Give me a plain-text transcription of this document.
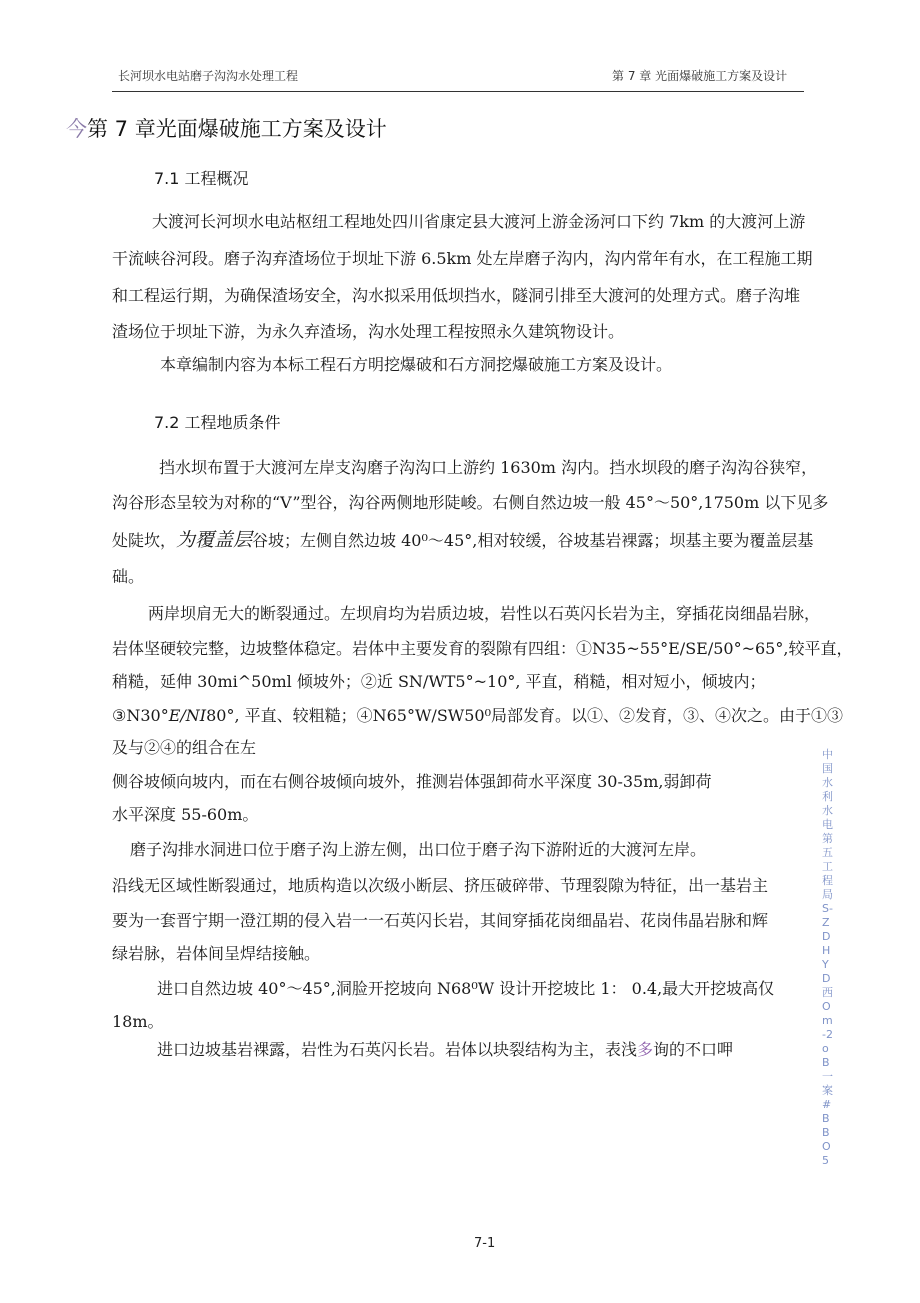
长河坝水电站磨子沟沟水处理工程	第 7 章 光面爆破施工方案及设计
今第 7 章光面爆破施工方案及设计
7.1 工程概况
大渡河长河坝水电站枢纽工程地处四川省康定县大渡河上游金汤河口下约 7km 的大渡河上游
干流峡谷河段。磨子沟弃渣场位于坝址下游 6.5km 处左岸磨子沟内，沟内常年有水，在工程施工期
和工程运行期，为确保渣场安全，沟水拟采用低坝挡水，隧洞引排至大渡河的处理方式。磨子沟堆
渣场位于坝址下游，为永久弃渣场，沟水处理工程按照永久建筑物设计。
本章编制内容为本标工程石方明挖爆破和石方洞挖爆破施工方案及设计。
7.2 工程地质条件
挡水坝布置于大渡河左岸支沟磨子沟沟口上游约 1630m 沟内。挡水坝段的磨子沟沟谷狭窄，
沟谷形态呈较为对称的“V”型谷，沟谷两侧地形陡峻。右侧自然边坡一般 45°～50°,1750m 以下见多
处陡坎，为覆盖层谷坡；左侧自然边坡 40⁰～45°,相对较缓，谷坡基岩裸露；坝基主要为覆盖层基
础。
两岸坝肩无大的断裂通过。左坝肩均为岩质边坡，岩性以石英闪长岩为主，穿插花岗细晶岩脉，
岩体坚硬较完整，边坡整体稳定。岩体中主要发育的裂隙有四组：①N35~55°E/SE/50°~65°,较平直，
稍糙，延伸 30mi^50ml 倾坡外；②近 SN/WT5°~10°, 平直，稍糙，相对短小，倾坡内；
③N30°E/NI80°, 平直、较粗糙；④N65°W/SW50⁰局部发育。以①、②发育，③、④次之。由于①③
及与②④的组合在左
侧谷坡倾向坡内，而在右侧谷坡倾向坡外，推测岩体强卸荷水平深度 30-35m,弱卸荷
水平深度 55-60m。
磨子沟排水洞进口位于磨子沟上游左侧，出口位于磨子沟下游附近的大渡河左岸。
沿线无区域性断裂通过，地质构造以次级小断层、挤压破碎带、节理裂隙为特征，出一基岩主
要为一套晋宁期一澄江期的侵入岩一一石英闪长岩，其间穿插花岗细晶岩、花岗伟晶岩脉和辉
绿岩脉，岩体间呈焊结接触。
进口自然边坡 40°～45°,洞脸开挖坡向 N68⁰W 设计开挖坡比 1： 0.4,最大开挖坡高仅
18m。
进口边坡基岩裸露，岩性为石英闪长岩。岩体以块裂结构为主，表浅多询的不口呷
中国水利水电第五工程局 S-ZDHYD 西 Om-2oB 一案 # BBO5
7-1
